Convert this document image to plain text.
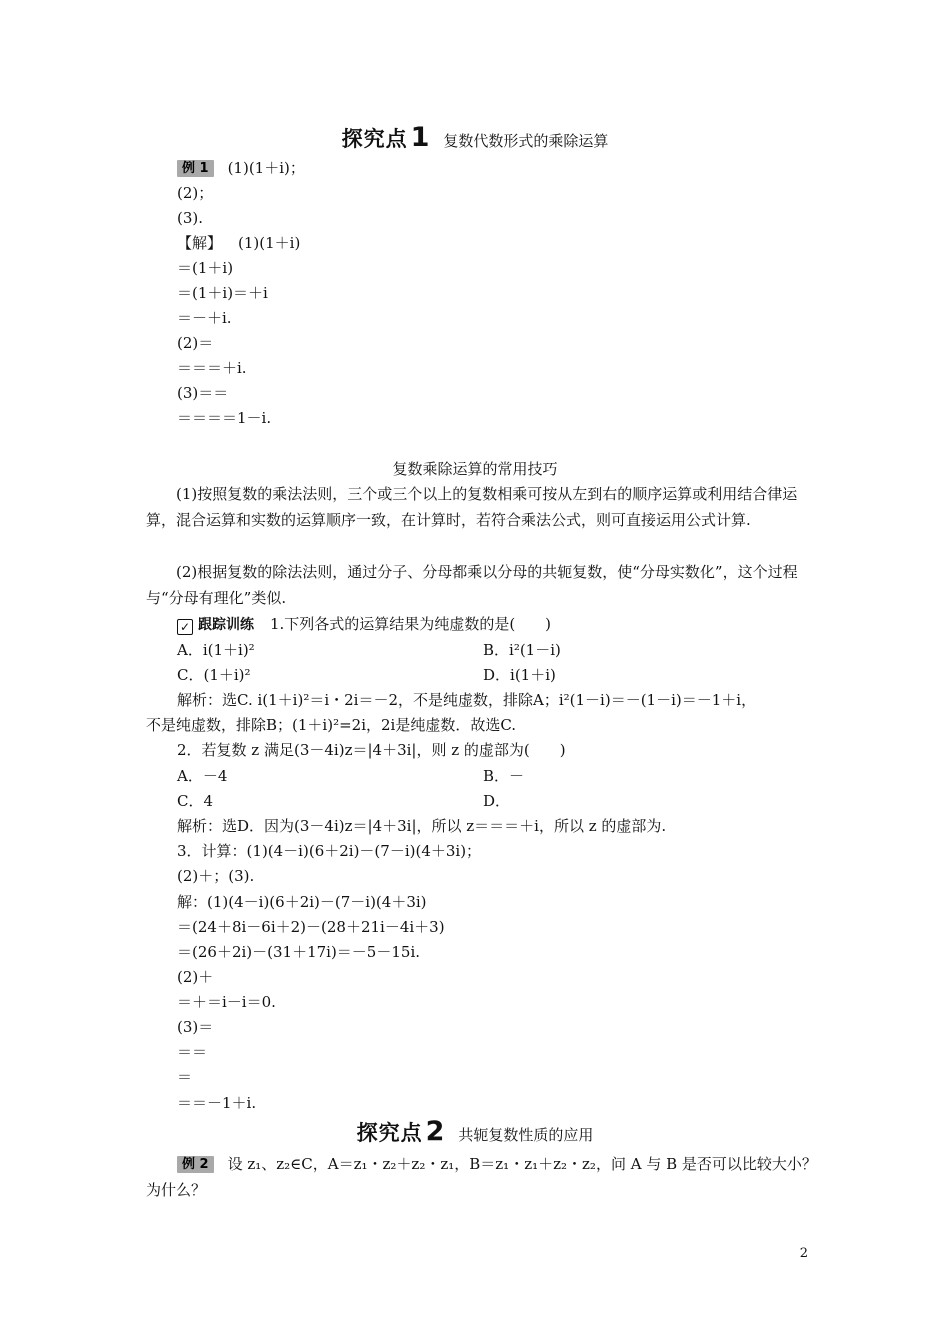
探究点 1 复数代数形式的乘除运算
例 1 (1)(1＋i)；
(2)；
(3).
【解】 (1)(1＋i)
＝(1＋i)
＝(1＋i)＝＋i
＝－＋i.
(2)＝
＝＝＝＋i.
(3)＝＝
＝＝＝＝1－i.
复数乘除运算的常用技巧
(1)按照复数的乘法法则，三个或三个以上的复数相乘可按从左到右的顺序运算或利用结合律运算，混合运算和实数的运算顺序一致，在计算时，若符合乘法公式，则可直接运用公式计算.
(2)根据复数的除法法则，通过分子、分母都乘以分母的共轭复数，使“分母实数化”，这个过程与“分母有理化”类似.
✓ 跟踪训练 1.下列各式的运算结果为纯虚数的是(　　)
A．i(1＋i)²	B．i²(1－i)
C．(1＋i)²	D．i(1＋i)
解析：选C. i(1＋i)²＝i・2i＝－2，不是纯虚数，排除A；i²(1－i)＝－(1－i)＝－1＋i，
不是纯虚数，排除B；(1＋i)²=2i，2i是纯虚数．故选C.
2．若复数 z 满足(3－4i)z＝|4＋3i|，则 z 的虚部为(　　)
A．－4	B．－
C．4	D．
解析：选D．因为(3－4i)z＝|4＋3i|，所以 z＝＝＝＋i，所以 z 的虚部为.
3．计算：(1)(4－i)(6＋2i)－(7－i)(4＋3i)；
(2)＋；(3).
解：(1)(4－i)(6＋2i)－(7－i)(4＋3i)
＝(24＋8i－6i＋2)－(28＋21i－4i＋3)
＝(26＋2i)－(31＋17i)＝－5－15i.
(2)＋
＝＋＝i－i＝0.
(3)＝
＝＝
＝
＝＝－1＋i.
探究点 2 共轭复数性质的应用
例 2 设 z₁、z₂∈C，A＝z₁・z₂＋z₂・z₁，B＝z₁・z₁＋z₂・z₂，问 A 与 B 是否可以比较大小？
为什么？
2
